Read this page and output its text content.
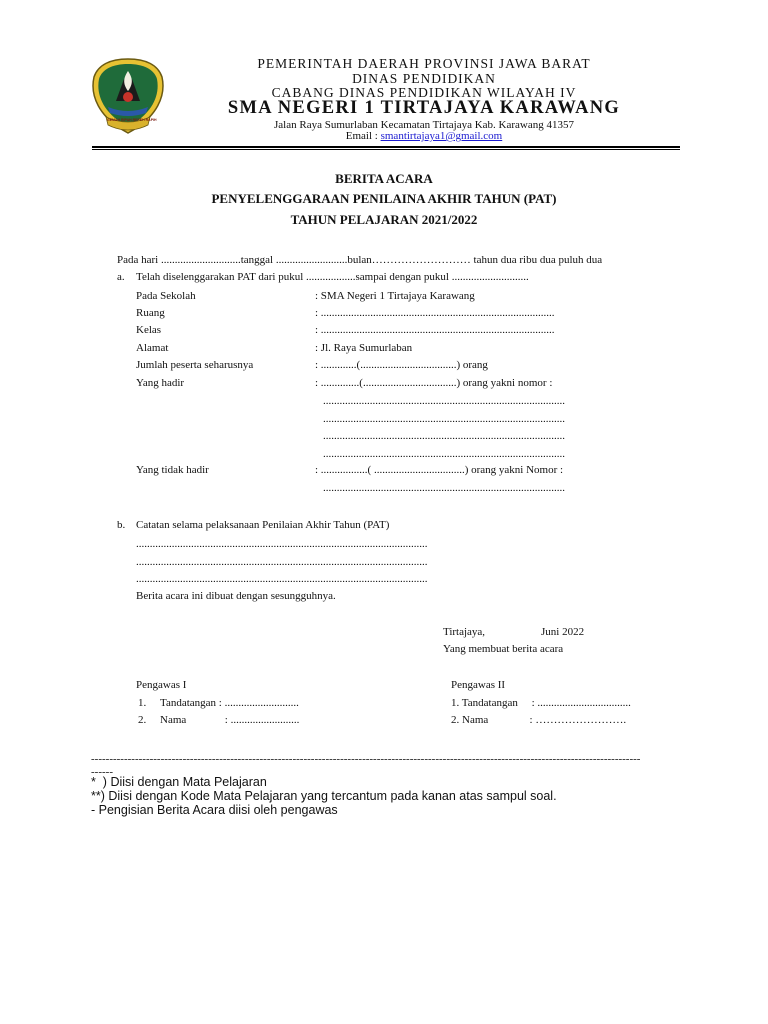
GEMAH RIPAH REPEH RAPIH
PEMERINTAH DAERAH PROVINSI JAWA BARAT
DINAS PENDIDIKAN
CABANG DINAS PENDIDIKAN WILAYAH IV
SMA NEGERI 1 TIRTAJAYA KARAWANG
Jalan Raya Sumurlaban Kecamatan Tirtajaya Kab. Karawang 41357
Email : smantirtajaya1@gmail.com
BERITA ACARA
PENYELENGGARAAN PENILAINA AKHIR TAHUN (PAT)
TAHUN PELAJARAN 2021/2022
Pada hari .............................tanggal ..........................bulan……………………… tahun dua ribu dua puluh dua
a. Telah diselenggarakan PAT dari pukul ..................sampai dengan pukul ............................
Pada Sekolah	: SMA Negeri 1 Tirtajaya Karawang
Ruang	: .....................................................................................
Kelas	: .....................................................................................
Alamat	: Jl. Raya Sumurlaban
Jumlah peserta seharusnya	: .............(...................................) orang
Yang hadir	: ..............(..................................) orang yakni nomor :
........................................................................................
........................................................................................
........................................................................................
........................................................................................
Yang tidak hadir	: .................( .................................) orang yakni Nomor :
........................................................................................
b. Catatan selama pelaksanaan Penilaian Akhir Tahun (PAT)
..........................................................................................................
..........................................................................................................
..........................................................................................................
Berita acara ini dibuat dengan sesungguhnya.
Tirtajaya,	Juni 2022
Yang membuat berita acara
Pengawas I
1. Tandatangan : ...........................
2. Nama              : .........................
Pengawas II
1. Tandatangan     : ..................................
2. Nama               : …………………….
------------------------------------------------------------------------------------------------------------------------------------------------------
------
*  ) Diisi dengan Mata Pelajaran
**) Diisi dengan Kode Mata Pelajaran yang tercantum pada kanan atas sampul soal.
- Pengisian Berita Acara diisi oleh pengawas
